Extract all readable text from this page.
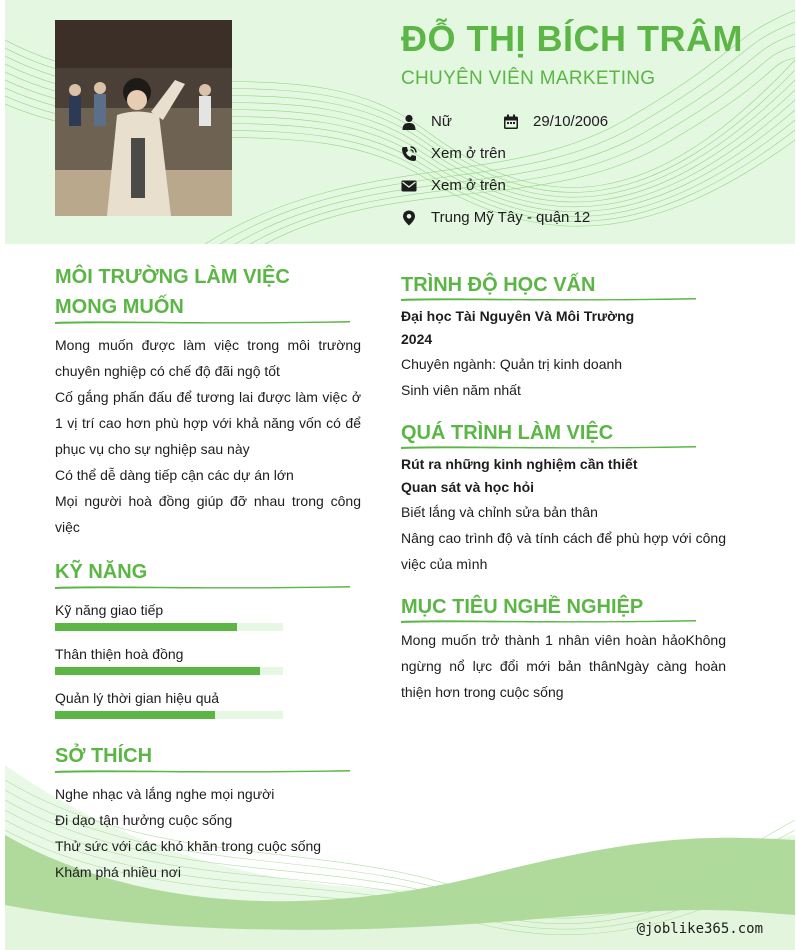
ĐỖ THỊ BÍCH TRÂM
CHUYÊN VIÊN MARKETING
Nữ	29/10/2006
Xem ở trên
Xem ở trên
Trung Mỹ Tây - quận 12
MÔI TRƯỜNG LÀM VIỆC
MONG MUỐN

Mong muốn được làm việc trong môi trường chuyên nghiệp có chế độ đãi ngộ tốt

Cố gắng phấn đấu để tương lai được làm việc ở 1 vị trí cao hơn phù hợp với khả năng vốn có để phục vụ cho sự nghiệp sau này

Có thể dễ dàng tiếp cận các dự án lớn

Mọi người hoà đồng giúp đỡ nhau trong công việc

KỸ NĂNG
Kỹ năng giao tiếp
Thân thiện hoà đồng
Quản lý thời gian hiệu quả
SỞ THÍCH

Nghe nhạc và lắng nghe mọi người

Đi dạo tận hưởng cuộc sống

Thử sức với các khó khăn trong cuộc sống

Khám phá nhiều nơi

TRÌNH ĐỘ HỌC VẤN

Đại học Tài Nguyên Và Môi Trường

2024

Chuyên ngành: Quản trị kinh doanh

Sinh viên năm nhất

QUÁ TRÌNH LÀM VIỆC

Rút ra những kinh nghiệm cần thiết

Quan sát và học hỏi

Biết lắng và chỉnh sửa bản thân

Nâng cao trình độ và tính cách để phù hợp với công việc của mình

MỤC TIÊU NGHỀ NGHIỆP
Mong muốn trở thành 1 nhân viên hoàn hảoKhông ngừng nổ lực đổi mới bản thânNgày càng hoàn thiện hơn trong cuộc sống
@joblike365.com
